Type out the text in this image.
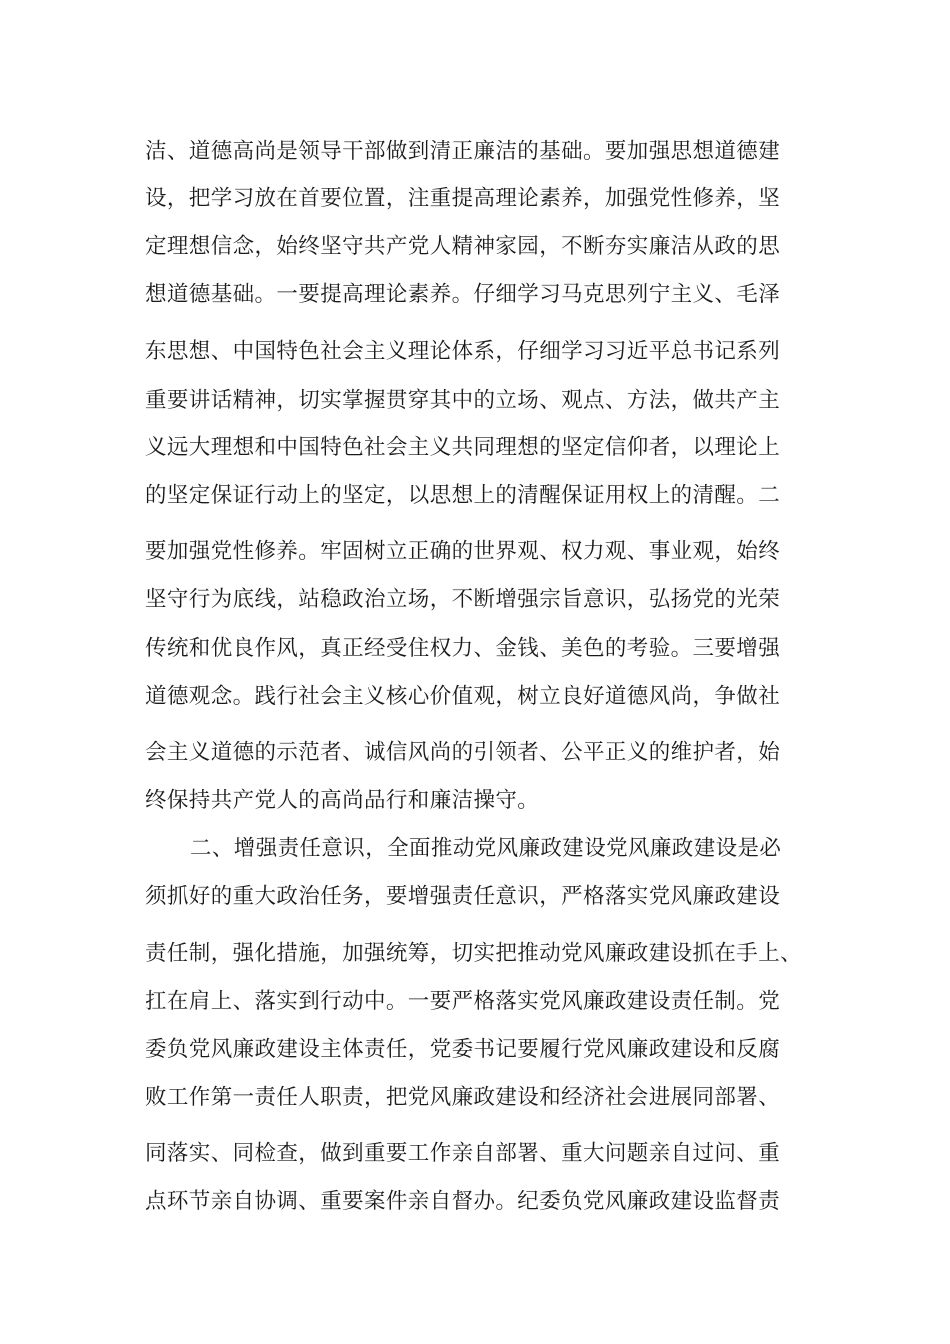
洁、道德高尚是领导干部做到清正廉洁的基础。要加强思想道德建
设，把学习放在首要位置，注重提高理论素养，加强党性修养，坚
定理想信念，始终坚守共产党人精神家园，不断夯实廉洁从政的思
想道德基础。一要提高理论素养。仔细学习马克思列宁主义、毛泽
东思想、中国特色社会主义理论体系，仔细学习习近平总书记系列
重要讲话精神，切实掌握贯穿其中的立场、观点、方法，做共产主
义远大理想和中国特色社会主义共同理想的坚定信仰者，以理论上
的坚定保证行动上的坚定，以思想上的清醒保证用权上的清醒。二
要加强党性修养。牢固树立正确的世界观、权力观、事业观，始终
坚守行为底线，站稳政治立场，不断增强宗旨意识，弘扬党的光荣
传统和优良作风，真正经受住权力、金钱、美色的考验。三要增强
道德观念。践行社会主义核心价值观，树立良好道德风尚，争做社
会主义道德的示范者、诚信风尚的引领者、公平正义的维护者，始
终保持共产党人的高尚品行和廉洁操守。
二、增强责任意识，全面推动党风廉政建设党风廉政建设是必
须抓好的重大政治任务，要增强责任意识，严格落实党风廉政建设
责任制，强化措施，加强统筹，切实把推动党风廉政建设抓在手上、
扛在肩上、落实到行动中。一要严格落实党风廉政建设责任制。党
委负党风廉政建设主体责任，党委书记要履行党风廉政建设和反腐
败工作第一责任人职责，把党风廉政建设和经济社会进展同部署、
同落实、同检查，做到重要工作亲自部署、重大问题亲自过问、重
点环节亲自协调、重要案件亲自督办。纪委负党风廉政建设监督责
